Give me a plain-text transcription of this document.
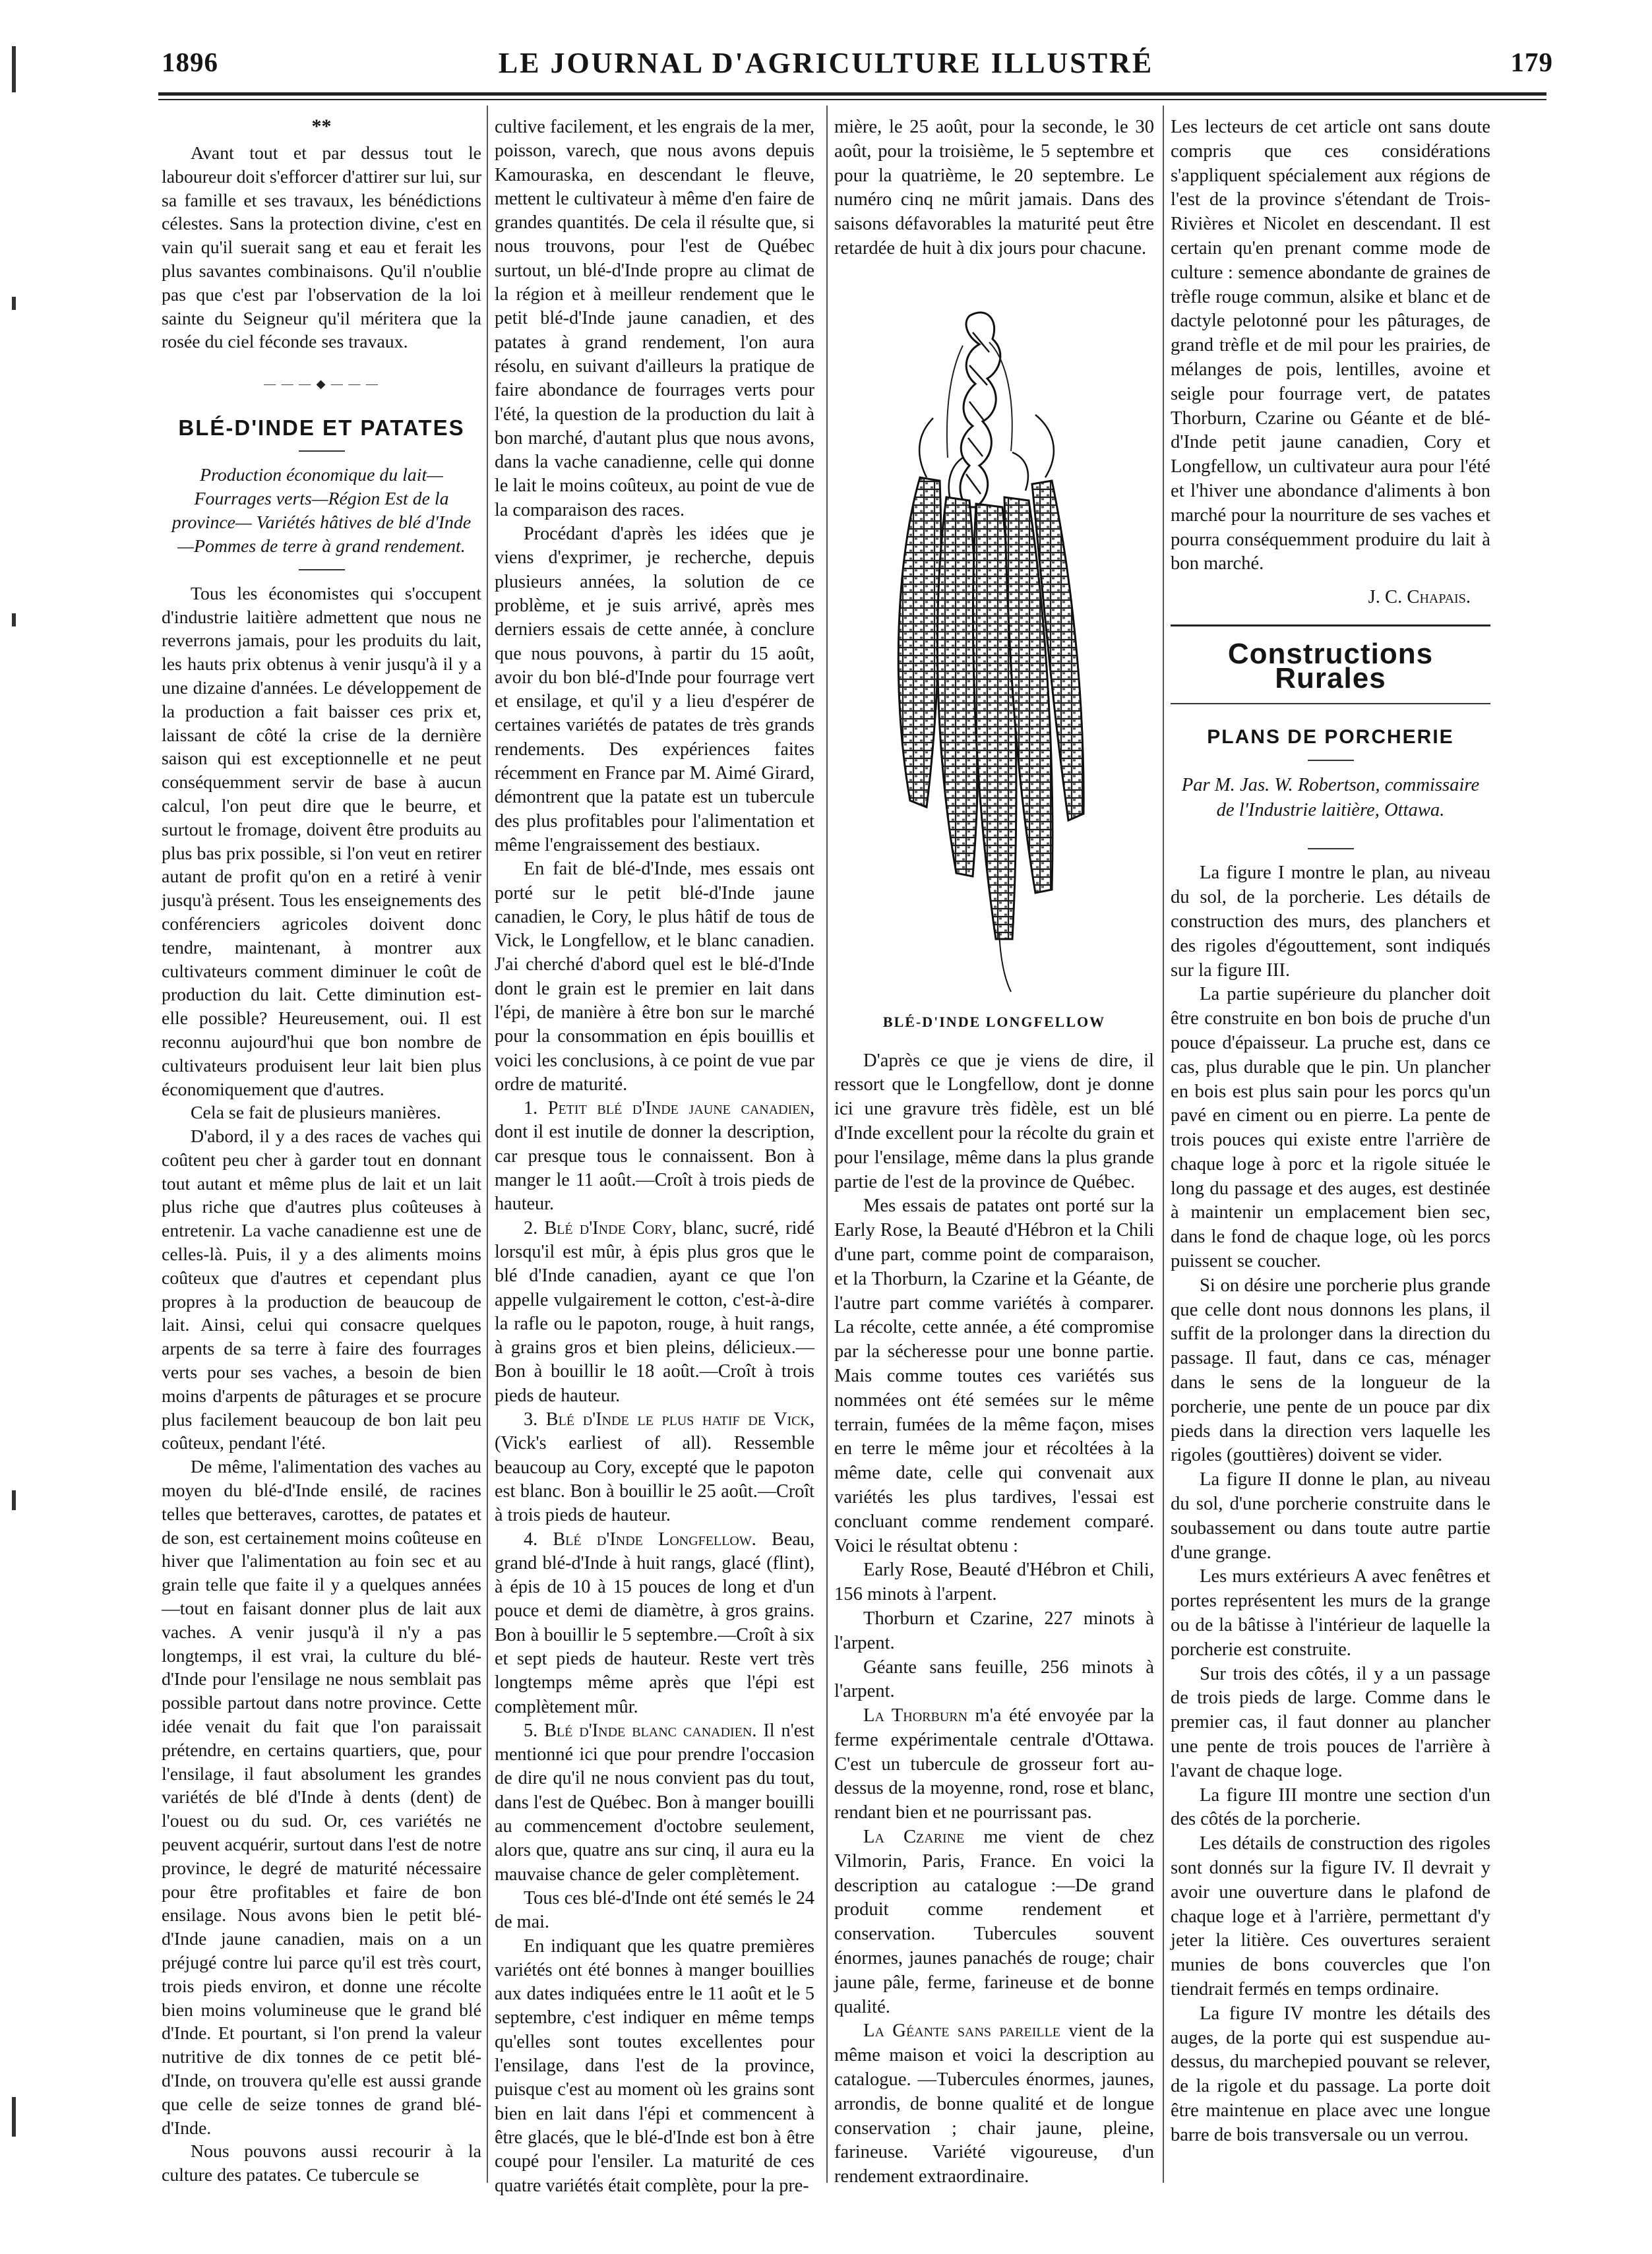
1896	LE JOURNAL D'AGRICULTURE ILLUSTRÉ	179
**

Avant tout et par dessus tout le laboureur doit s'efforcer d'attirer sur lui, sur sa famille et ses travaux, les bénédictions célestes. Sans la protection divine, c'est en vain qu'il suerait sang et eau et ferait les plus savantes combinaisons. Qu'il n'oublie pas que c'est par l'observation de la loi sainte du Seigneur qu'il méritera que la rosée du ciel féconde ses travaux.

— — — ◆ — — —
BLÉ-D'INDE ET PATATES
Production économique du lait—Fourrages verts—Région Est de la province— Variétés hâtives de blé d'Inde —Pommes de terre à grand rendement.

Tous les économistes qui s'occupent d'industrie laitière admettent que nous ne reverrons jamais, pour les produits du lait, les hauts prix obtenus à venir jusqu'à il y a une dizaine d'années. Le développement de la production a fait baisser ces prix et, laissant de côté la crise de la dernière saison qui est exceptionnelle et ne peut conséquemment servir de base à aucun calcul, l'on peut dire que le beurre, et surtout le fromage, doivent être produits au plus bas prix possible, si l'on veut en retirer autant de profit qu'on en a retiré à venir jusqu'à présent. Tous les enseignements des conférenciers agricoles doivent donc tendre, maintenant, à montrer aux cultivateurs comment diminuer le coût de production du lait. Cette diminution est-elle possible? Heureusement, oui. Il est reconnu aujourd'hui que bon nombre de cultivateurs produisent leur lait bien plus économiquement que d'autres.

Cela se fait de plusieurs manières.

D'abord, il y a des races de vaches qui coûtent peu cher à garder tout en donnant tout autant et même plus de lait et un lait plus riche que d'autres plus coûteuses à entretenir. La vache canadienne est une de celles-là. Puis, il y a des aliments moins coûteux que d'autres et cependant plus propres à la production de beaucoup de lait. Ainsi, celui qui consacre quelques arpents de sa terre à faire des fourrages verts pour ses vaches, a besoin de bien moins d'arpents de pâturages et se procure plus facilement beaucoup de bon lait peu coûteux, pendant l'été.

De même, l'alimentation des vaches au moyen du blé-d'Inde ensilé, de racines telles que betteraves, carottes, de patates et de son, est certainement moins coûteuse en hiver que l'alimentation au foin sec et au grain telle que faite il y a quelques années—tout en faisant donner plus de lait aux vaches. A venir jusqu'à il n'y a pas longtemps, il est vrai, la culture du blé-d'Inde pour l'ensilage ne nous semblait pas possible partout dans notre province. Cette idée venait du fait que l'on paraissait prétendre, en certains quartiers, que, pour l'ensilage, il faut absolument les grandes variétés de blé d'Inde à dents (dent) de l'ouest ou du sud. Or, ces variétés ne peuvent acquérir, surtout dans l'est de notre province, le degré de maturité nécessaire pour être profitables et faire de bon ensilage. Nous avons bien le petit blé-d'Inde jaune canadien, mais on a un préjugé contre lui parce qu'il est très court, trois pieds environ, et donne une récolte bien moins volumineuse que le grand blé d'Inde. Et pourtant, si l'on prend la valeur nutritive de dix tonnes de ce petit blé-d'Inde, on trouvera qu'elle est aussi grande que celle de seize tonnes de grand blé-d'Inde.

Nous pouvons aussi recourir à la culture des patates. Ce tubercule se

cultive facilement, et les engrais de la mer, poisson, varech, que nous avons depuis Kamouraska, en descendant le fleuve, mettent le cultivateur à même d'en faire de grandes quantités. De cela il résulte que, si nous trouvons, pour l'est de Québec surtout, un blé-d'Inde propre au climat de la région et à meilleur rendement que le petit blé-d'Inde jaune canadien, et des patates à grand rendement, l'on aura résolu, en suivant d'ailleurs la pratique de faire abondance de fourrages verts pour l'été, la question de la production du lait à bon marché, d'autant plus que nous avons, dans la vache canadienne, celle qui donne le lait le moins coûteux, au point de vue de la comparaison des races.

Procédant d'après les idées que je viens d'exprimer, je recherche, depuis plusieurs années, la solution de ce problème, et je suis arrivé, après mes derniers essais de cette année, à conclure que nous pouvons, à partir du 15 août, avoir du bon blé-d'Inde pour fourrage vert et ensilage, et qu'il y a lieu d'espérer de certaines variétés de patates de très grands rendements. Des expériences faites récemment en France par M. Aimé Girard, démontrent que la patate est un tubercule des plus profitables pour l'alimentation et même l'engraissement des bestiaux.

En fait de blé-d'Inde, mes essais ont porté sur le petit blé-d'Inde jaune canadien, le Cory, le plus hâtif de tous de Vick, le Longfellow, et le blanc canadien. J'ai cherché d'abord quel est le blé-d'Inde dont le grain est le premier en lait dans l'épi, de manière à être bon sur le marché pour la consommation en épis bouillis et voici les conclusions, à ce point de vue par ordre de maturité.

1. Petit blé d'Inde jaune canadien, dont il est inutile de donner la description, car presque tous le connaissent. Bon à manger le 11 août.—Croît à trois pieds de hauteur.

2. Blé d'Inde Cory, blanc, sucré, ridé lorsqu'il est mûr, à épis plus gros que le blé d'Inde canadien, ayant ce que l'on appelle vulgairement le cotton, c'est-à-dire la rafle ou le papoton, rouge, à huit rangs, à grains gros et bien pleins, délicieux.—Bon à bouillir le 18 août.—Croît à trois pieds de hauteur.

3. Blé d'Inde le plus hatif de Vick, (Vick's earliest of all). Ressemble beaucoup au Cory, excepté que le papoton est blanc. Bon à bouillir le 25 août.—Croît à trois pieds de hauteur.

4. Blé d'Inde Longfellow. Beau, grand blé-d'Inde à huit rangs, glacé (flint), à épis de 10 à 15 pouces de long et d'un pouce et demi de diamètre, à gros grains. Bon à bouillir le 5 septembre.—Croît à six et sept pieds de hauteur. Reste vert très longtemps même après que l'épi est complètement mûr.

5. Blé d'Inde blanc canadien. Il n'est mentionné ici que pour prendre l'occasion de dire qu'il ne nous convient pas du tout, dans l'est de Québec. Bon à manger bouilli au commencement d'octobre seulement, alors que, quatre ans sur cinq, il aura eu la mauvaise chance de geler complètement.

Tous ces blé-d'Inde ont été semés le 24 de mai.

En indiquant que les quatre premières variétés ont été bonnes à manger bouillies aux dates indiquées entre le 11 août et le 5 septembre, c'est indiquer en même temps qu'elles sont toutes excellentes pour l'ensilage, dans l'est de la province, puisque c'est au moment où les grains sont bien en lait dans l'épi et commencent à être glacés, que le blé-d'Inde est bon à être coupé pour l'ensiler. La maturité de ces quatre variétés était complète, pour la pre-

mière, le 25 août, pour la seconde, le 30 août, pour la troisième, le 5 septembre et pour la quatrième, le 20 septembre. Le numéro cinq ne mûrit jamais. Dans des saisons défavorables la maturité peut être retardée de huit à dix jours pour chacune.

BLÉ-D'INDE LONGFELLOW

D'après ce que je viens de dire, il ressort que le Longfellow, dont je donne ici une gravure très fidèle, est un blé d'Inde excellent pour la récolte du grain et pour l'ensilage, même dans la plus grande partie de l'est de la province de Québec.

Mes essais de patates ont porté sur la Early Rose, la Beauté d'Hébron et la Chili d'une part, comme point de comparaison, et la Thorburn, la Czarine et la Géante, de l'autre part comme variétés à comparer. La récolte, cette année, a été compromise par la sécheresse pour une bonne partie. Mais comme toutes ces variétés sus nommées ont été semées sur le même terrain, fumées de la même façon, mises en terre le même jour et récoltées à la même date, celle qui convenait aux variétés les plus tardives, l'essai est concluant comme rendement comparé. Voici le résultat obtenu :

Early Rose, Beauté d'Hébron et Chili, 156 minots à l'arpent.

Thorburn et Czarine, 227 minots à l'arpent.

Géante sans feuille, 256 minots à l'arpent.

La Thorburn m'a été envoyée par la ferme expérimentale centrale d'Ottawa. C'est un tubercule de grosseur fort au-dessus de la moyenne, rond, rose et blanc, rendant bien et ne pourrissant pas.

La Czarine me vient de chez Vilmorin, Paris, France. En voici la description au catalogue :—De grand produit comme rendement et conservation. Tubercules souvent énormes, jaunes panachés de rouge; chair jaune pâle, ferme, farineuse et de bonne qualité.

La Géante sans pareille vient de la même maison et voici la description au catalogue. —Tubercules énormes, jaunes, arrondis, de bonne qualité et de longue conservation ; chair jaune, pleine, farineuse. Variété vigoureuse, d'un rendement extraordinaire.

Les lecteurs de cet article ont sans doute compris que ces considérations s'appliquent spécialement aux régions de l'est de la province s'étendant de Trois-Rivières et Nicolet en descendant. Il est certain qu'en prenant comme mode de culture : semence abondante de graines de trèfle rouge commun, alsike et blanc et de dactyle pelotonné pour les pâturages, de grand trèfle et de mil pour les prairies, de mélanges de pois, lentilles, avoine et seigle pour fourrage vert, de patates Thorburn, Czarine ou Géante et de blé-d'Inde petit jaune canadien, Cory et Longfellow, un cultivateur aura pour l'été et l'hiver une abondance d'aliments à bon marché pour la nourriture de ses vaches et pourra conséquemment produire du lait à bon marché.

J. C. Chapais.
Constructions Rurales
PLANS DE PORCHERIE
Par M. Jas. W. Robertson, commissaire de l'Industrie laitière, Ottawa.

La figure I montre le plan, au niveau du sol, de la porcherie. Les détails de construction des murs, des planchers et des rigoles d'égouttement, sont indiqués sur la figure III.

La partie supérieure du plancher doit être construite en bon bois de pruche d'un pouce d'épaisseur. La pruche est, dans ce cas, plus durable que le pin. Un plancher en bois est plus sain pour les porcs qu'un pavé en ciment ou en pierre. La pente de trois pouces qui existe entre l'arrière de chaque loge à porc et la rigole située le long du passage et des auges, est destinée à maintenir un emplacement bien sec, dans le fond de chaque loge, où les porcs puissent se coucher.

Si on désire une porcherie plus grande que celle dont nous donnons les plans, il suffit de la prolonger dans la direction du passage. Il faut, dans ce cas, ménager dans le sens de la longueur de la porcherie, une pente de un pouce par dix pieds dans la direction vers laquelle les rigoles (gouttières) doivent se vider.

La figure II donne le plan, au niveau du sol, d'une porcherie construite dans le soubassement ou dans toute autre partie d'une grange.

Les murs extérieurs A avec fenêtres et portes représentent les murs de la grange ou de la bâtisse à l'intérieur de laquelle la porcherie est construite.

Sur trois des côtés, il y a un passage de trois pieds de large. Comme dans le premier cas, il faut donner au plancher une pente de trois pouces de l'arrière à l'avant de chaque loge.

La figure III montre une section d'un des côtés de la porcherie.

Les détails de construction des rigoles sont donnés sur la figure IV. Il devrait y avoir une ouverture dans le plafond de chaque loge et à l'arrière, permettant d'y jeter la litière. Ces ouvertures seraient munies de bons couvercles que l'on tiendrait fermés en temps ordinaire.

La figure IV montre les détails des auges, de la porte qui est suspendue au-dessus, du marchepied pouvant se relever, de la rigole et du passage. La porte doit être maintenue en place avec une longue barre de bois transversale ou un verrou.
